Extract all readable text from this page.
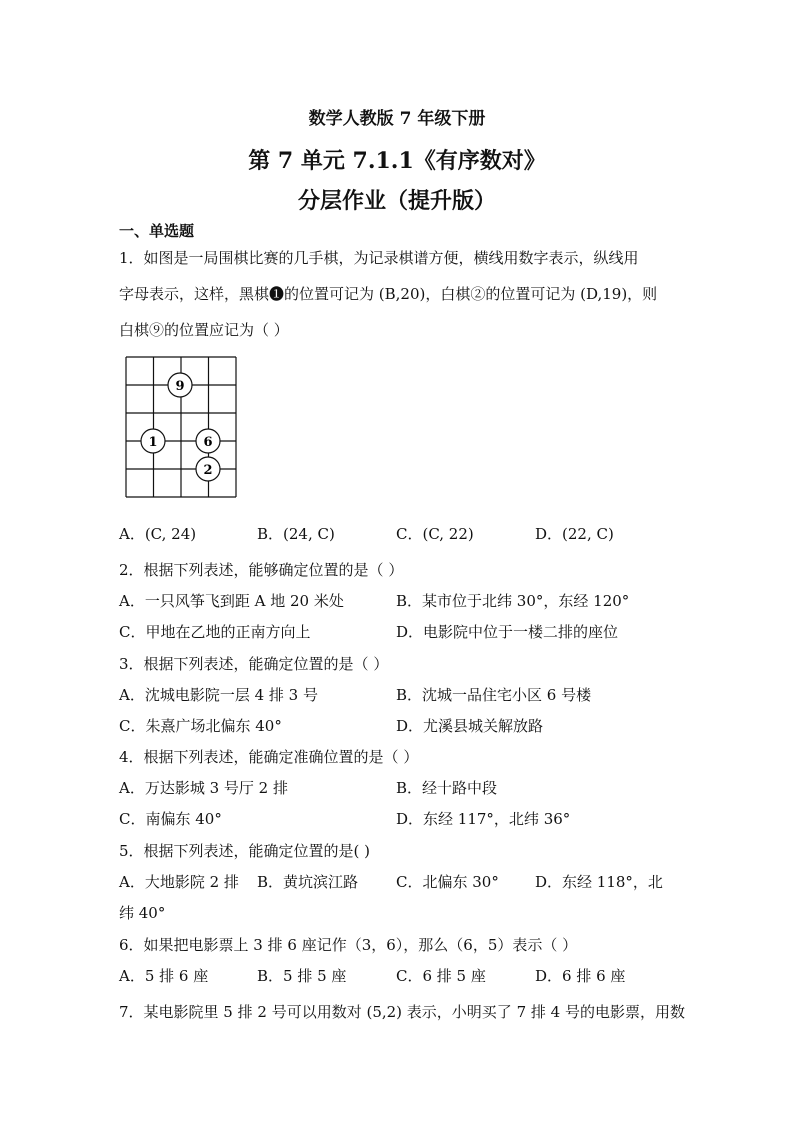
数学人教版 7 年级下册
第 7 单元 7.1.1《有序数对》
分层作业（提升版）
一、单选题
1．如图是一局围棋比赛的几手棋，为记录棋谱方便，横线用数字表示，纵线用
字母表示，这样，黑棋❶的位置可记为 (B,20)，白棋②的位置可记为 (D,19)，则
白棋⑨的位置应记为（ ）
9
1	6
2
A．(C, 24)	B．(24, C)	C．(C, 22)	D．(22, C)
2．根据下列表述，能够确定位置的是（ ）
A．一只风筝飞到距 A 地 20 米处	B．某市位于北纬 30°，东经 120°
C．甲地在乙地的正南方向上	D．电影院中位于一楼二排的座位
3．根据下列表述，能确定位置的是（ ）
A．沈城电影院一层 4 排 3 号	B．沈城一品住宅小区 6 号楼
C．朱熹广场北偏东 40°	D．尤溪县城关解放路
4．根据下列表述，能确定准确位置的是（ ）
A．万达影城 3 号厅 2 排	B．经十路中段
C．南偏东 40°	D．东经 117°，北纬 36°
5．根据下列表述，能确定位置的是( )
A．大地影院 2 排 B．黄坑滨江路	C．北偏东 30° D．东经 118°，北
纬 40°
6．如果把电影票上 3 排 6 座记作（3，6），那么（6，5）表示（ ）
A．5 排 6 座	B．5 排 5 座	C．6 排 5 座	D．6 排 6 座
7．某电影院里 5 排 2 号可以用数对 (5,2) 表示，小明买了 7 排 4 号的电影票，用数
